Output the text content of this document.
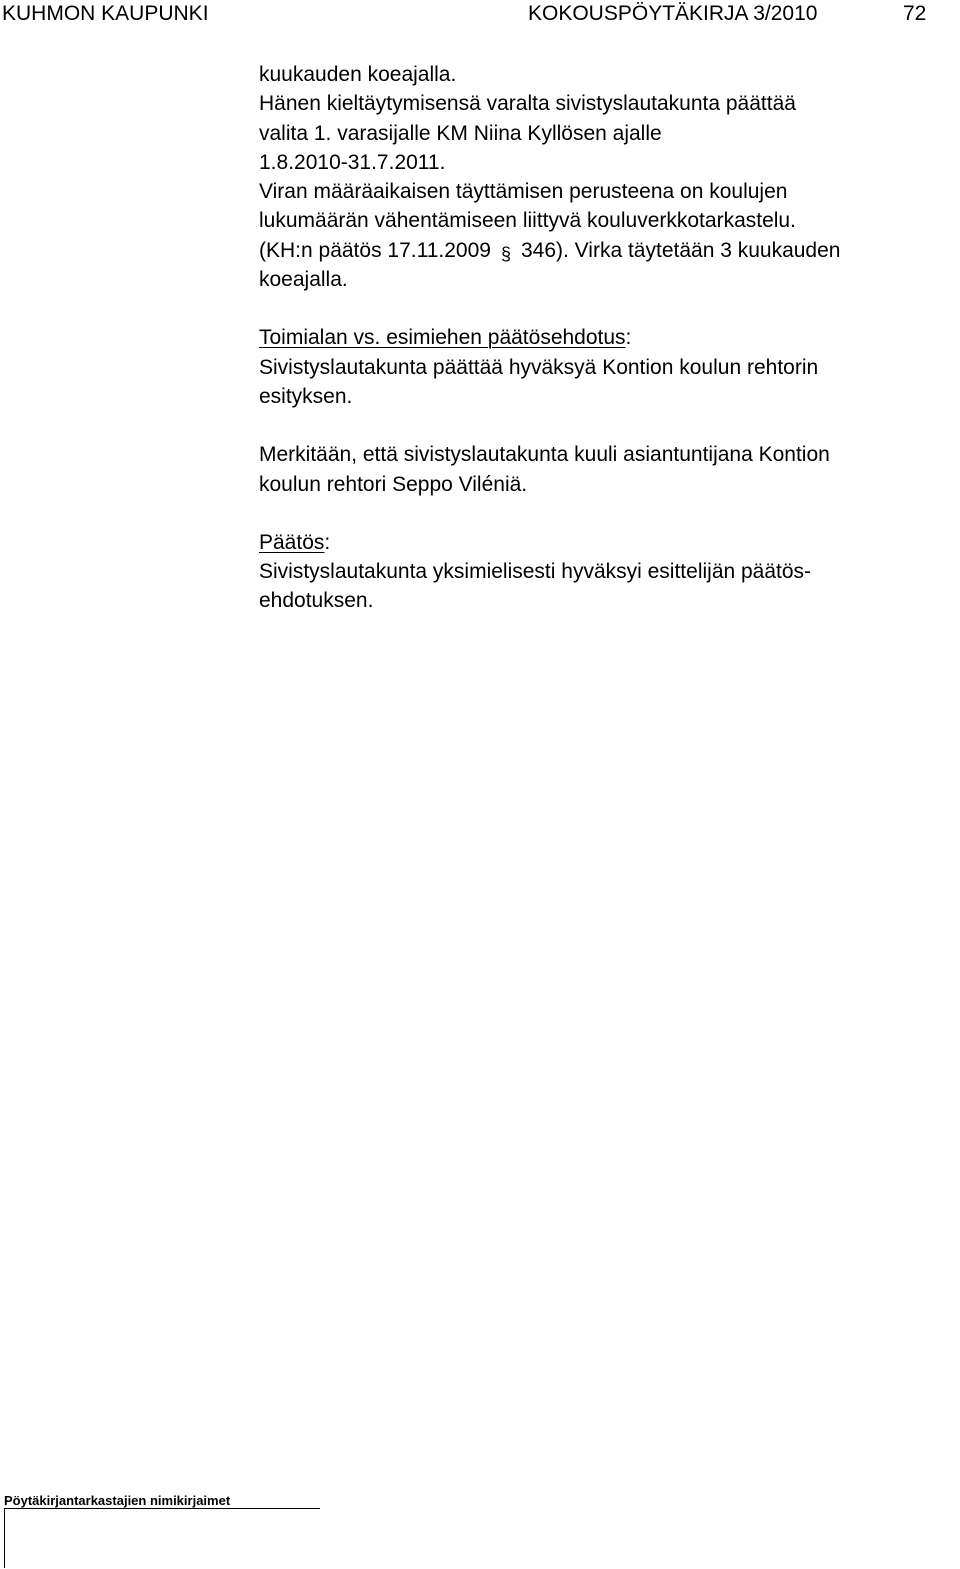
KUHMON KAUPUNKI	KOKOUSPÖYTÄKIRJA 3/2010	72
kuukauden koeajalla.
Hänen kieltäytymisensä varalta sivistyslautakunta päättää
valita 1. varasijalle KM Niina Kyllösen ajalle
1.8.2010-31.7.2011.
Viran määräaikaisen täyttämisen perusteena on koulujen
lukumäärän vähentämiseen liittyvä kouluverkkotarkastelu.
(KH:n päätös 17.11.2009 § 346). Virka täytetään 3 kuukauden
koeajalla.
Toimialan vs. esimiehen päätösehdotus:
Sivistyslautakunta päättää hyväksyä Kontion koulun rehtorin
esityksen.
Merkitään, että sivistyslautakunta kuuli asiantuntijana Kontion
koulun rehtori Seppo Viléniä.
Päätös:
Sivistyslautakunta yksimielisesti hyväksyi esittelijän päätös-
ehdotuksen.
Pöytäkirjantarkastajien nimikirjaimet
